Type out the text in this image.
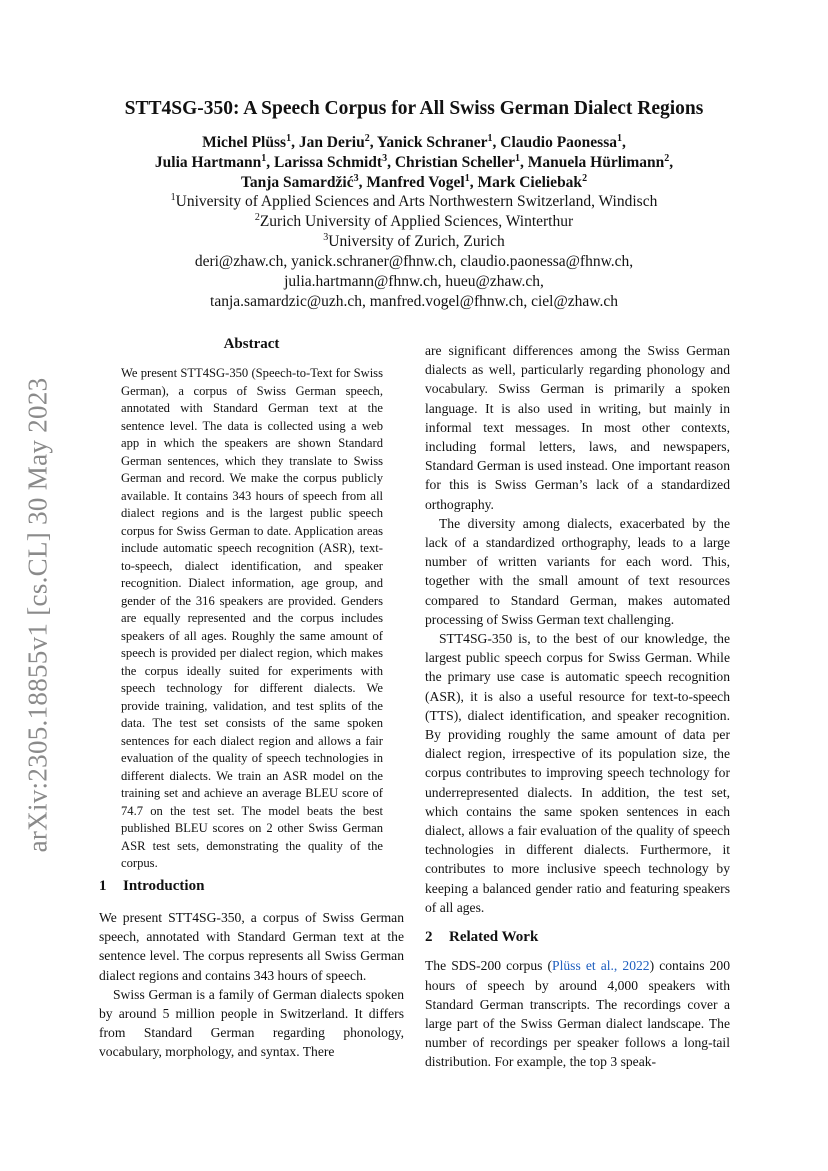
arXiv:2305.18855v1 [cs.CL] 30 May 2023
STT4SG-350: A Speech Corpus for All Swiss German Dialect Regions
Michel Plüss$^1$, Jan Deriu$^2$, Yanick Schraner$^1$, Claudio Paonessa$^1$,
Julia Hartmann$^1$, Larissa Schmidt$^3$, Christian Scheller$^1$, Manuela Hürlimann$^2$,
Tanja Samardžić$^3$, Manfred Vogel$^1$, Mark Cieliebak$^2$
$^1$University of Applied Sciences and Arts Northwestern Switzerland, Windisch
$^2$Zurich University of Applied Sciences, Winterthur
$^3$University of Zurich, Zurich
deri@zhaw.ch, yanick.schraner@fhnw.ch, claudio.paonessa@fhnw.ch,
julia.hartmann@fhnw.ch, hueu@zhaw.ch,
tanja.samardzic@uzh.ch, manfred.vogel@fhnw.ch, ciel@zhaw.ch
Abstract

We present STT4SG-350 (Speech-to-Text for Swiss German), a corpus of Swiss German speech, annotated with Standard German text at the sentence level. The data is collected using a web app in which the speakers are shown Standard German sentences, which they translate to Swiss German and record. We make the corpus publicly available. It contains 343 hours of speech from all dialect regions and is the largest public speech corpus for Swiss German to date. Application areas include automatic speech recognition (ASR), text-to-speech, dialect identification, and speaker recognition. Dialect information, age group, and gender of the 316 speakers are provided. Genders are equally represented and the corpus includes speakers of all ages. Roughly the same amount of speech is provided per dialect region, which makes the corpus ideally suited for experiments with speech technology for different dialects. We provide training, validation, and test splits of the data. The test set consists of the same spoken sentences for each dialect region and allows a fair evaluation of the quality of speech technologies in different dialects. We train an ASR model on the training set and achieve an average BLEU score of 74.7 on the test set. The model beats the best published BLEU scores on 2 other Swiss German ASR test sets, demonstrating the quality of the corpus.

1 Introduction

We present STT4SG-350, a corpus of Swiss German speech, annotated with Standard German text at the sentence level. The corpus represents all Swiss German dialect regions and contains 343 hours of speech.

Swiss German is a family of German dialects spoken by around 5 million people in Switzerland. It differs from Standard German regarding phonology, vocabulary, morphology, and syntax. There

are significant differences among the Swiss German dialects as well, particularly regarding phonology and vocabulary. Swiss German is primarily a spoken language. It is also used in writing, but mainly in informal text messages. In most other contexts, including formal letters, laws, and newspapers, Standard German is used instead. One important reason for this is Swiss German’s lack of a standardized orthography.

The diversity among dialects, exacerbated by the lack of a standardized orthography, leads to a large number of written variants for each word. This, together with the small amount of text resources compared to Standard German, makes automated processing of Swiss German text challenging.

STT4SG-350 is, to the best of our knowledge, the largest public speech corpus for Swiss German. While the primary use case is automatic speech recognition (ASR), it is also a useful resource for text-to-speech (TTS), dialect identification, and speaker recognition. By providing roughly the same amount of data per dialect region, irrespective of its population size, the corpus contributes to improving speech technology for underrepresented dialects. In addition, the test set, which contains the same spoken sentences in each dialect, allows a fair evaluation of the quality of speech technologies in different dialects. Furthermore, it contributes to more inclusive speech technology by keeping a balanced gender ratio and featuring speakers of all ages.

2 Related Work

The SDS-200 corpus (Plüss et al., 2022) contains 200 hours of speech by around 4,000 speakers with Standard German transcripts. The recordings cover a large part of the Swiss German dialect landscape. The number of recordings per speaker follows a long-tail distribution. For example, the top 3 speak-
